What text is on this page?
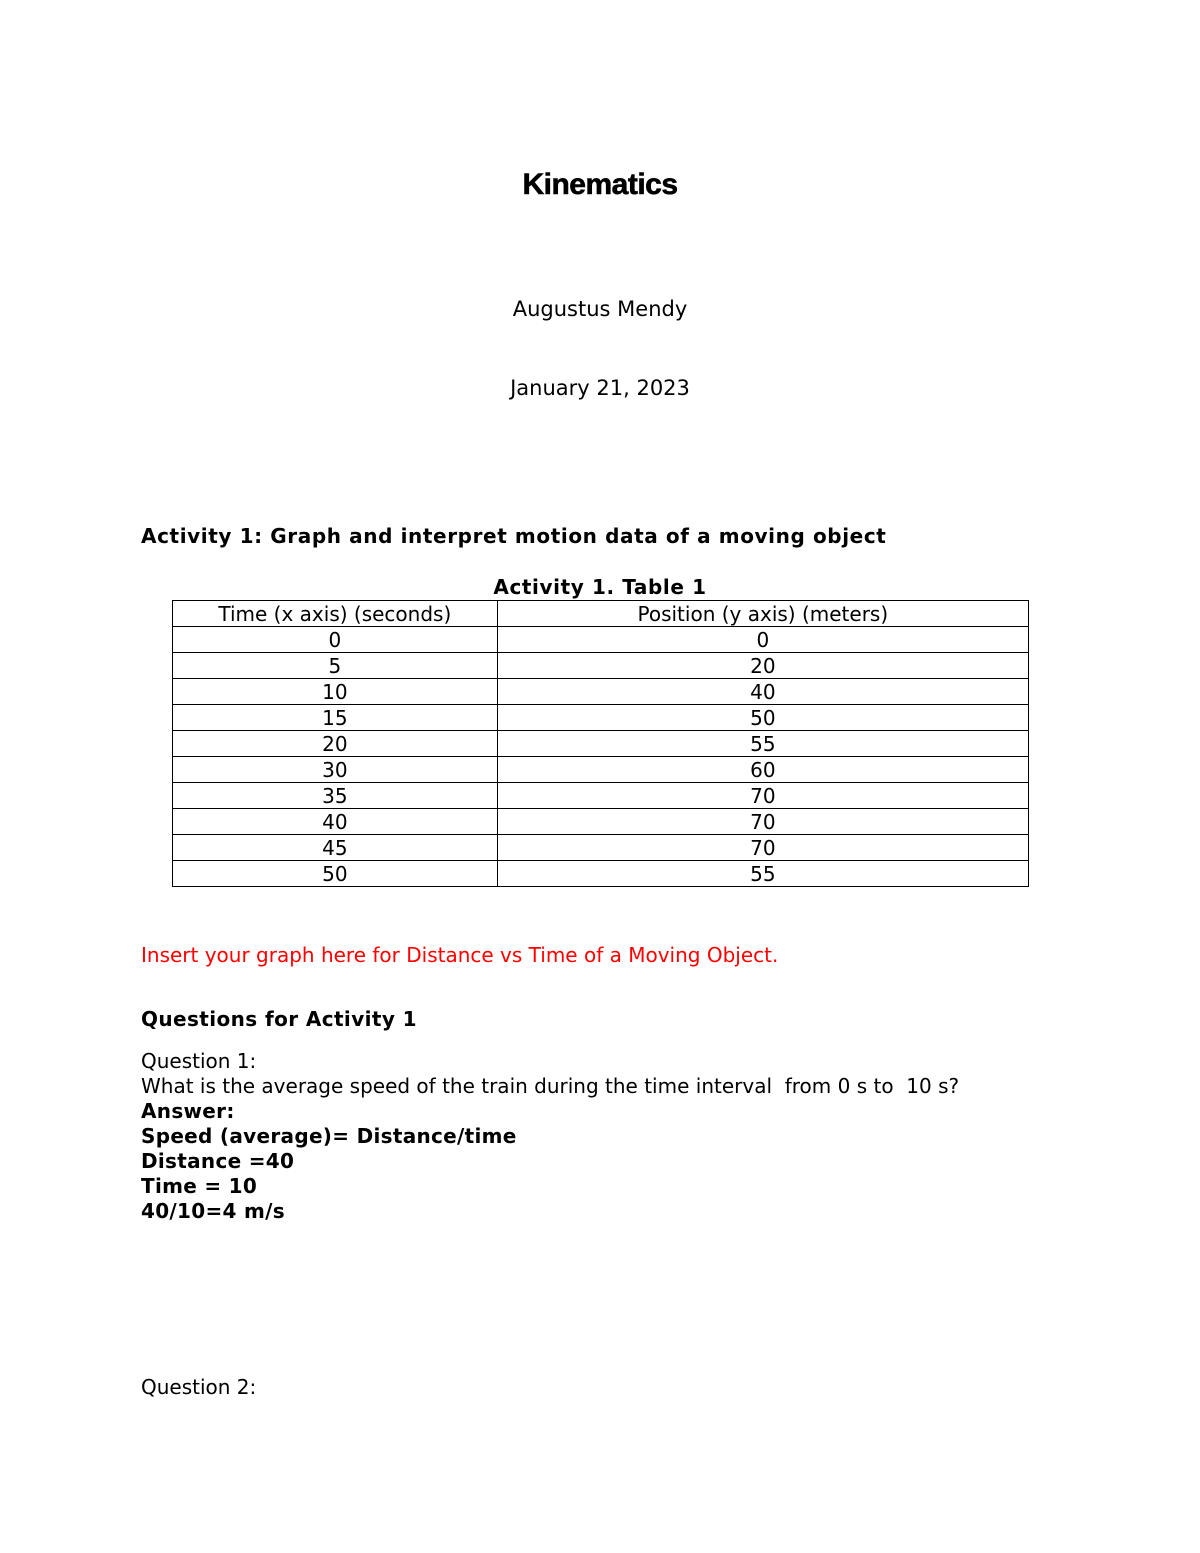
Kinematics
Augustus Mendy
January 21, 2023
Activity 1: Graph and interpret motion data of a moving object
Activity 1. Table 1
Time (x axis) (seconds)	Position (y axis) (meters)
0	0
5	20
10	40
15	50
20	55
30	60
35	70
40	70
45	70
50	55
Insert your graph here for Distance vs Time of a Moving Object.
Questions for Activity 1
Question 1:
What is the average speed of the train during the time interval  from 0 s to  10 s?
Answer:
Speed (average)= Distance/time
Distance =40
Time = 10
40/10=4 m/s
Question 2:
